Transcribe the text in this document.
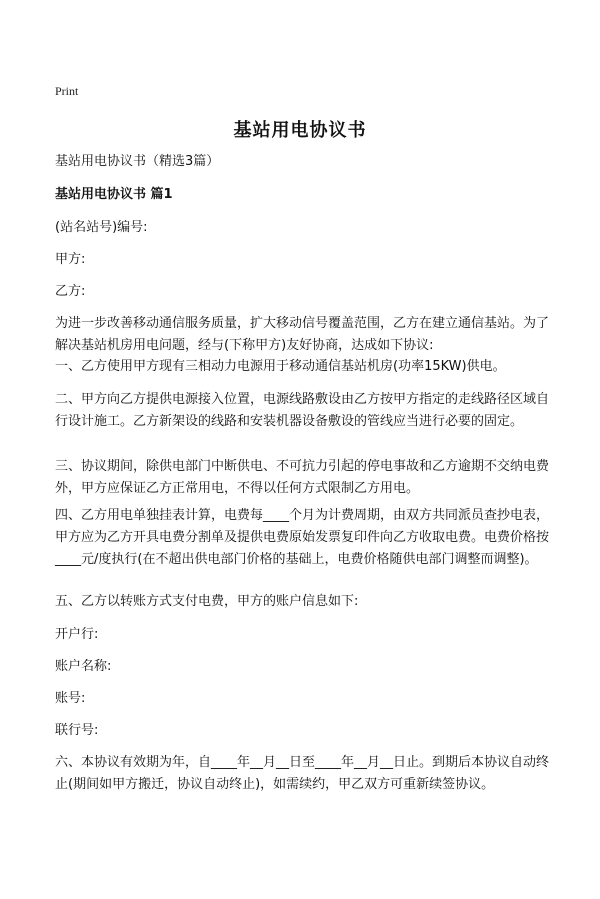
Print
基站用电协议书

基站用电协议书（精选3篇）

基站用电协议书 篇1

(站名站号)编号:

甲方:

乙方:

为进一步改善移动通信服务质量，扩大移动信号覆盖范围，乙方在建立通信基站。为了解决基站机房用电问题，经与(下称甲方)友好协商，达成如下协议:

一、乙方使用甲方现有三相动力电源用于移动通信基站机房(功率15KW)供电。

二、甲方向乙方提供电源接入位置，电源线路敷设由乙方按甲方指定的走线路径区域自行设计施工。乙方新架设的线路和安装机器设备敷设的管线应当进行必要的固定。

三、协议期间，除供电部门中断供电、不可抗力引起的停电事故和乙方逾期不交纳电费外，甲方应保证乙方正常用电，不得以任何方式限制乙方用电。

四、乙方用电单独挂表计算，电费每____个月为计费周期，由双方共同派员查抄电表，甲方应为乙方开具电费分割单及提供电费原始发票复印件向乙方收取电费。电费价格按____元/度执行(在不超出供电部门价格的基础上，电费价格随供电部门调整而调整)。

五、乙方以转账方式支付电费，甲方的账户信息如下:

开户行:

账户名称:

账号:

联行号:

六、本协议有效期为年，自____年__月__日至____年__月__日止。到期后本协议自动终止(期间如甲方搬迁，协议自动终止)，如需续约，甲乙双方可重新续签协议。
